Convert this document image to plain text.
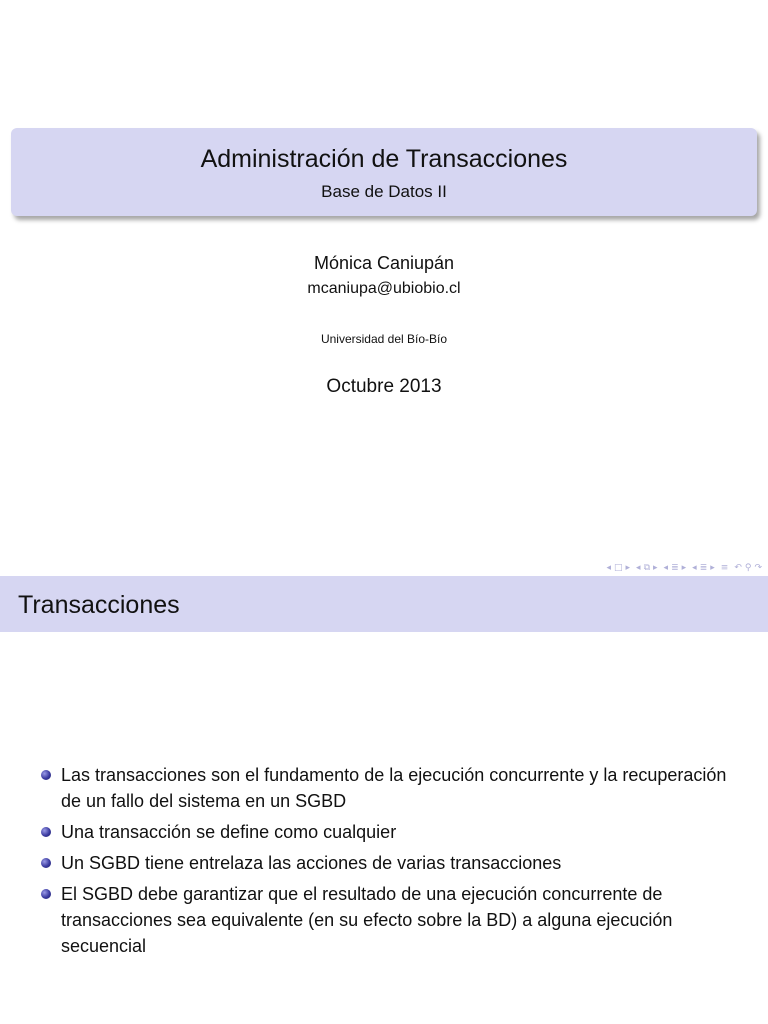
Administración de Transacciones
Base de Datos II
Mónica Caniupán
mcaniupa@ubiobio.cl
Universidad del Bío-Bío
Octubre 2013
◂ □ ▸ ◂ ⧉ ▸ ◂ ≣ ▸ ◂ ≣ ▸ ≡ ↶ ⚲ ↷
Transacciones
Las transacciones son el fundamento de la ejecución concurrente y la recuperación de un fallo del sistema en un SGBD
Una transacción se define como cualquier
Un SGBD tiene entrelaza las acciones de varias transacciones
El SGBD debe garantizar que el resultado de una ejecución concurrente de transacciones sea equivalente (en su efecto sobre la BD) a alguna ejecución secuencial
